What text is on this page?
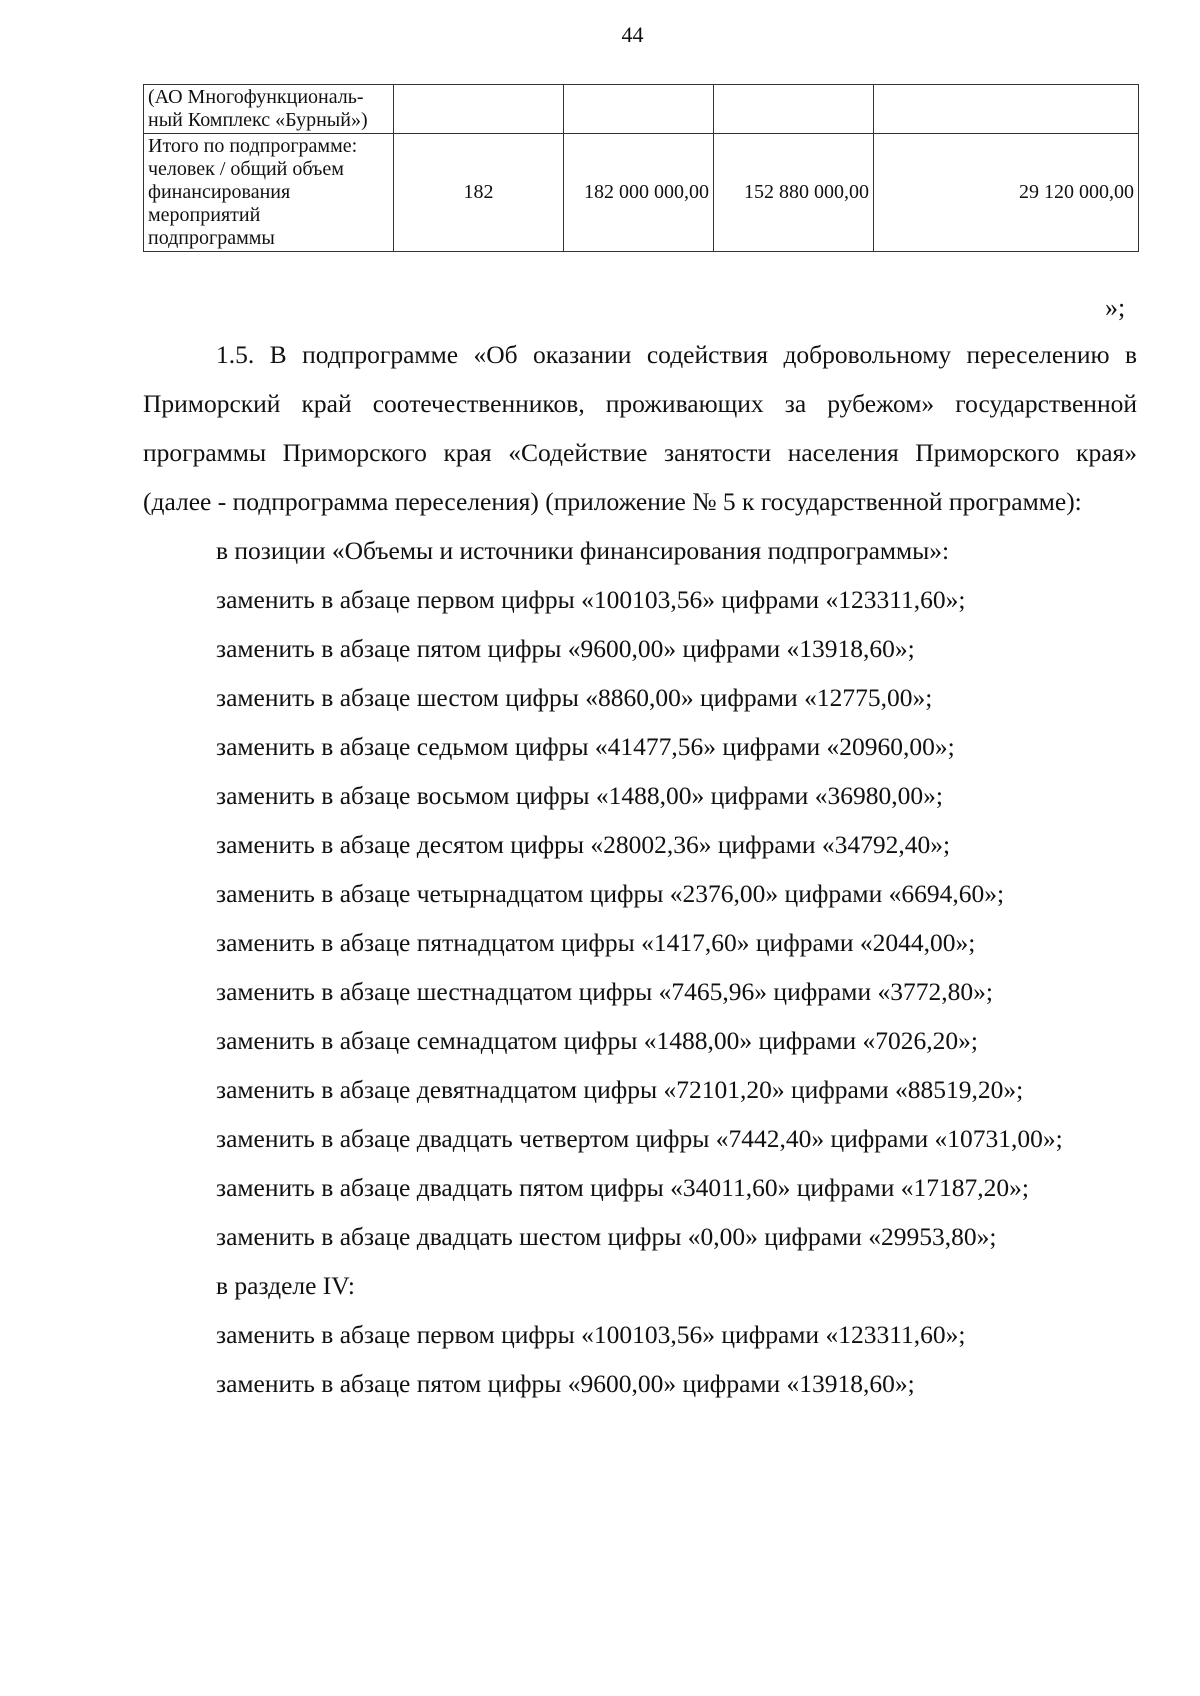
44
(АО Многофункциональ-ный Комплекс «Бурный»)				
Итого по подпрограмме: человек / общий объем финансирования мероприятий подпрограммы	182	182 000 000,00	152 880 000,00	29 120 000,00
»;

1.5. В подпрограмме «Об оказании содействия добровольному переселению в Приморский край соотечественников, проживающих за рубежом» государственной программы Приморского края «Содействие занятости населения Приморского края» (далее - подпрограмма переселения) (приложение № 5 к государственной программе):

в позиции «Объемы и источники финансирования подпрограммы»:

заменить в абзаце первом цифры «100103,56» цифрами «123311,60»;

заменить в абзаце пятом цифры «9600,00» цифрами «13918,60»;

заменить в абзаце шестом цифры «8860,00» цифрами «12775,00»;

заменить в абзаце седьмом цифры «41477,56» цифрами «20960,00»;

заменить в абзаце восьмом цифры «1488,00» цифрами «36980,00»;

заменить в абзаце десятом цифры «28002,36» цифрами «34792,40»;

заменить в абзаце четырнадцатом цифры «2376,00» цифрами «6694,60»;

заменить в абзаце пятнадцатом цифры «1417,60» цифрами «2044,00»;

заменить в абзаце шестнадцатом цифры «7465,96» цифрами «3772,80»;

заменить в абзаце семнадцатом цифры «1488,00» цифрами «7026,20»;

заменить в абзаце девятнадцатом цифры «72101,20» цифрами «88519,20»;

заменить в абзаце двадцать четвертом цифры «7442,40» цифрами «10731,00»;

заменить в абзаце двадцать пятом цифры «34011,60» цифрами «17187,20»;

заменить в абзаце двадцать шестом цифры «0,00» цифрами «29953,80»;

в разделе IV:

заменить в абзаце первом цифры «100103,56» цифрами «123311,60»;

заменить в абзаце пятом цифры «9600,00» цифрами «13918,60»;
